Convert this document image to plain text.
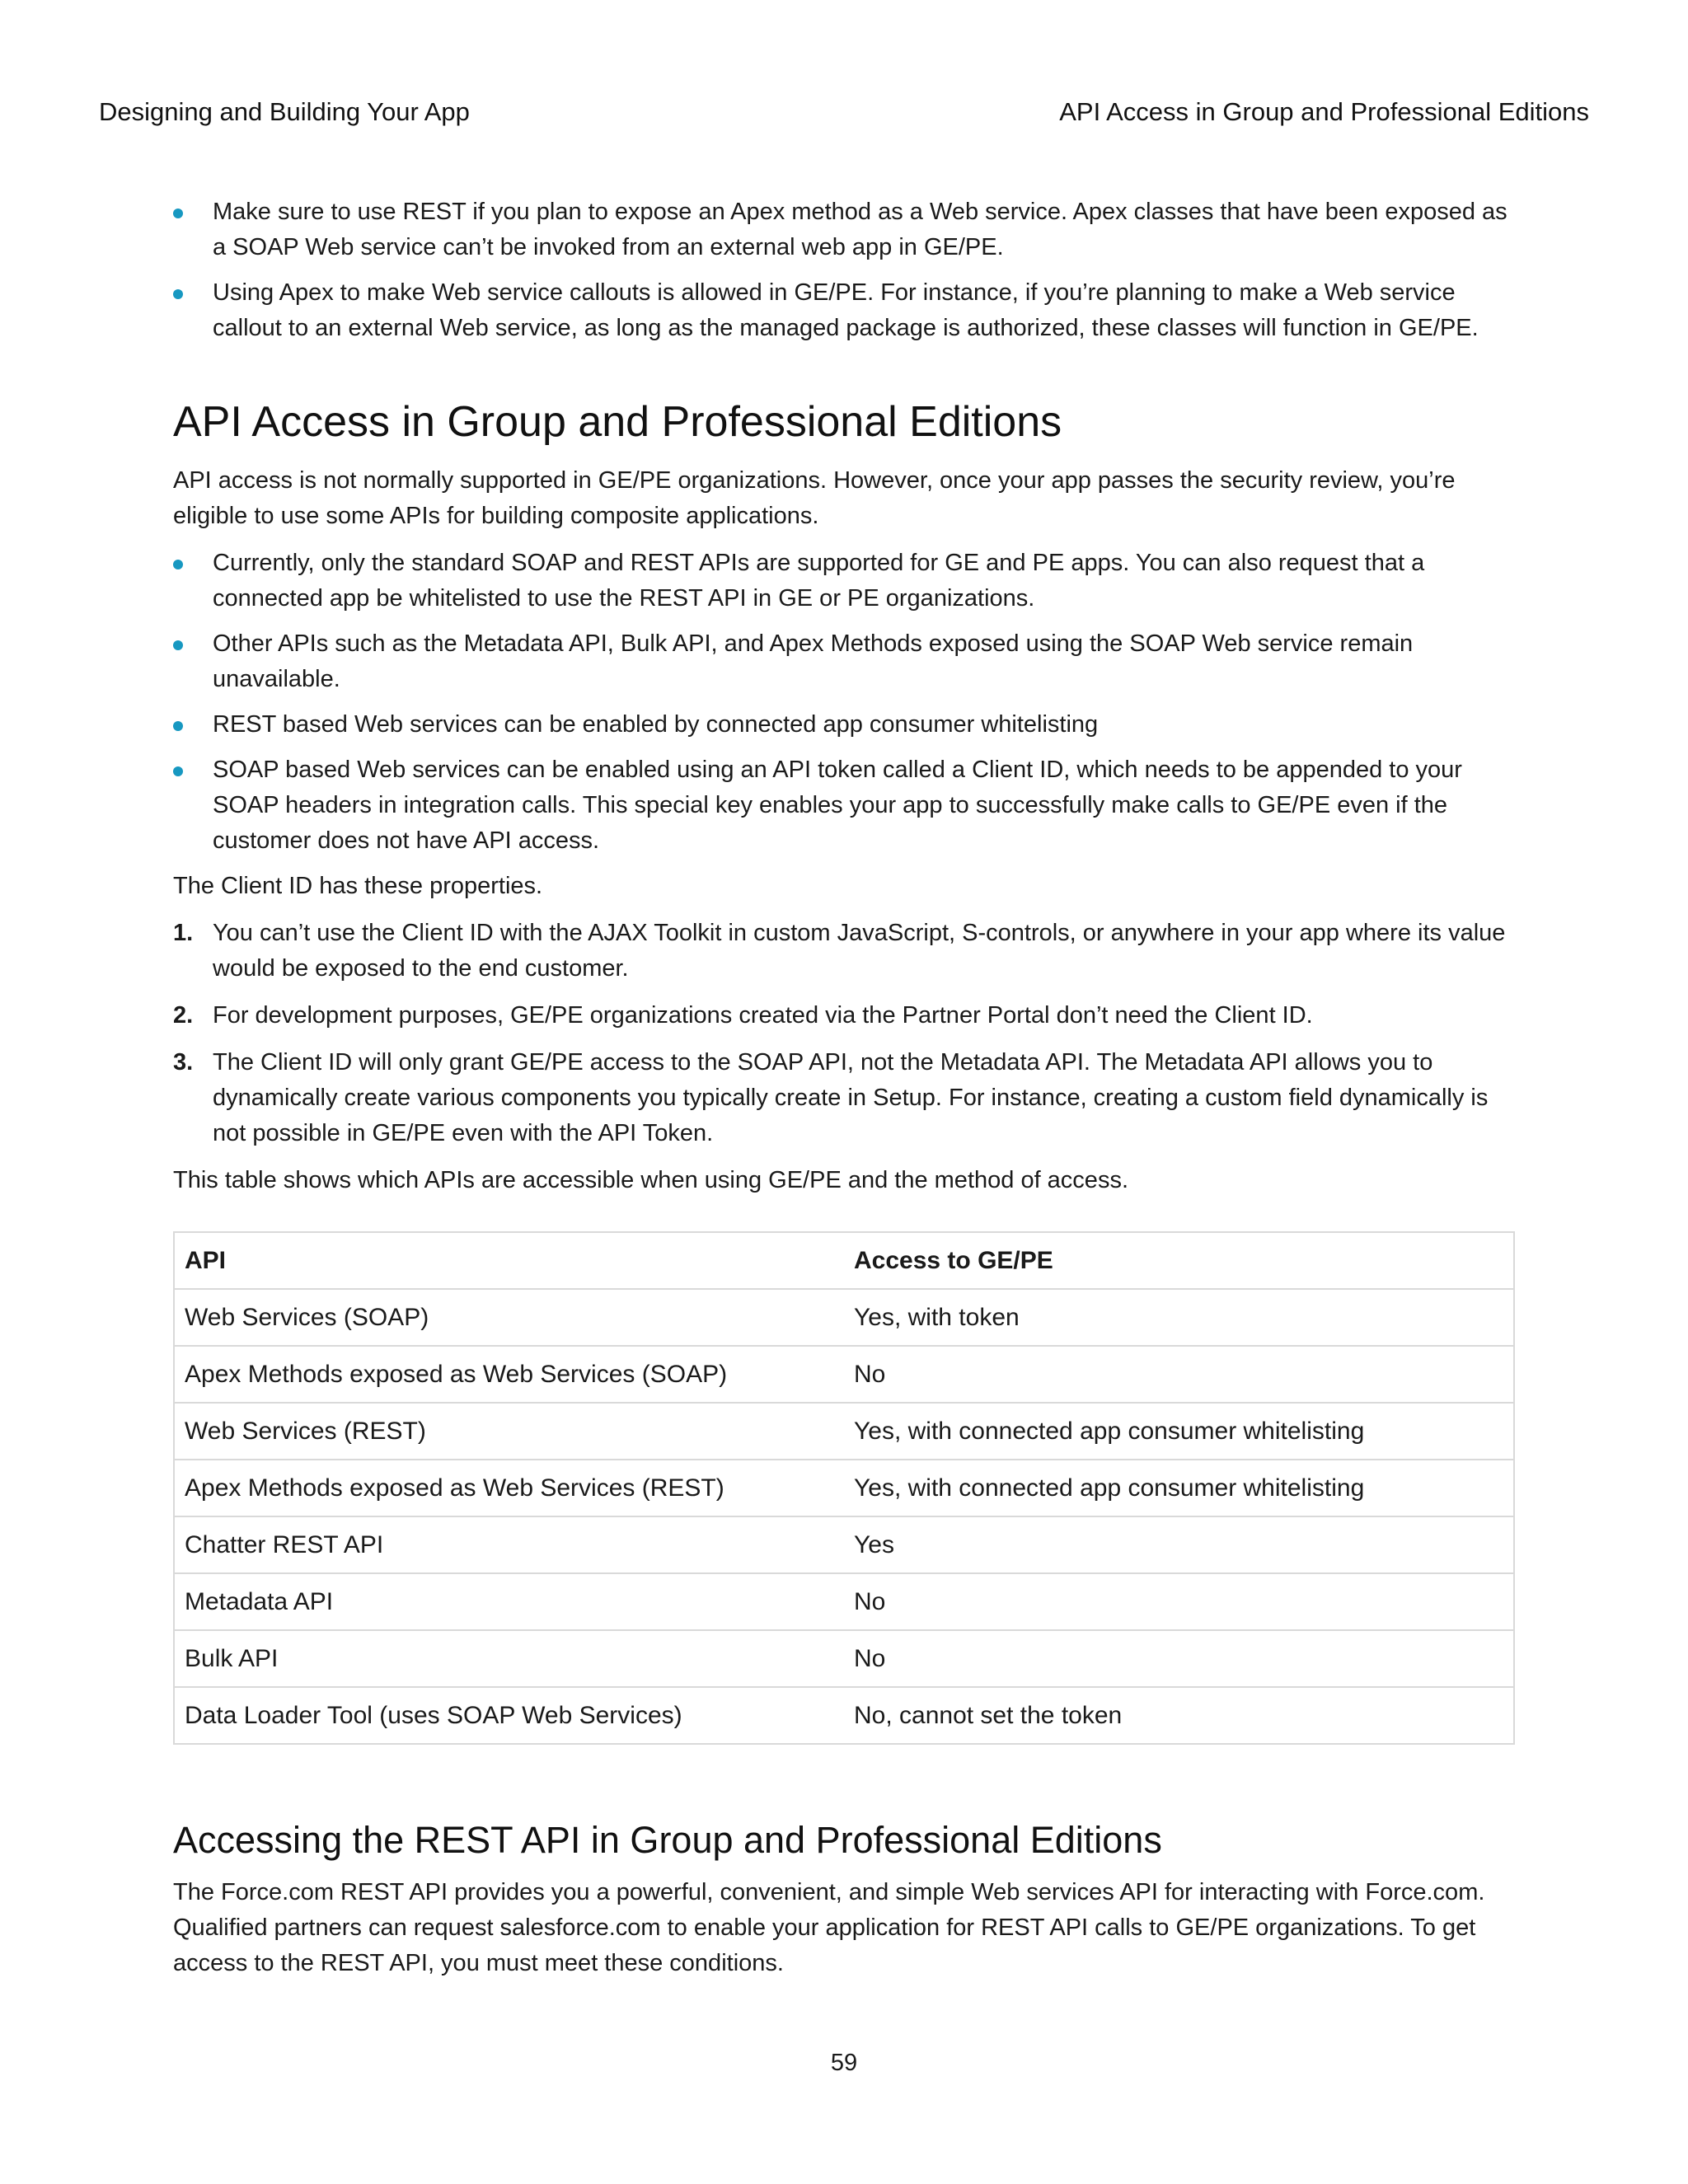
Designing and Building Your App	API Access in Group and Professional Editions
Make sure to use REST if you plan to expose an Apex method as a Web service. Apex classes that have been exposed as a SOAP Web service can’t be invoked from an external web app in GE/PE.
Using Apex to make Web service callouts is allowed in GE/PE. For instance, if you’re planning to make a Web service callout to an external Web service, as long as the managed package is authorized, these classes will function in GE/PE.
API Access in Group and Professional Editions

API access is not normally supported in GE/PE organizations. However, once your app passes the security review, you’re eligible to use some APIs for building composite applications.

Currently, only the standard SOAP and REST APIs are supported for GE and PE apps. You can also request that a connected app be whitelisted to use the REST API in GE or PE organizations.
Other APIs such as the Metadata API, Bulk API, and Apex Methods exposed using the SOAP Web service remain unavailable.
REST based Web services can be enabled by connected app consumer whitelisting
SOAP based Web services can be enabled using an API token called a Client ID, which needs to be appended to your SOAP headers in integration calls. This special key enables your app to successfully make calls to GE/PE even if the customer does not have API access.

The Client ID has these properties.

1. You can’t use the Client ID with the AJAX Toolkit in custom JavaScript, S-controls, or anywhere in your app where its value would be exposed to the end customer.
2. For development purposes, GE/PE organizations created via the Partner Portal don’t need the Client ID.
3. The Client ID will only grant GE/PE access to the SOAP API, not the Metadata API. The Metadata API allows you to dynamically create various components you typically create in Setup. For instance, creating a custom field dynamically is not possible in GE/PE even with the API Token.

This table shows which APIs are accessible when using GE/PE and the method of access.

API	Access to GE/PE
Web Services (SOAP)	Yes, with token
Apex Methods exposed as Web Services (SOAP)	No
Web Services (REST)	Yes, with connected app consumer whitelisting
Apex Methods exposed as Web Services (REST)	Yes, with connected app consumer whitelisting
Chatter REST API	Yes
Metadata API	No
Bulk API	No
Data Loader Tool (uses SOAP Web Services)	No, cannot set the token
Accessing the REST API in Group and Professional Editions

The Force.com REST API provides you a powerful, convenient, and simple Web services API for interacting with Force.com. Qualified partners can request salesforce.com to enable your application for REST API calls to GE/PE organizations. To get access to the REST API, you must meet these conditions.

59
